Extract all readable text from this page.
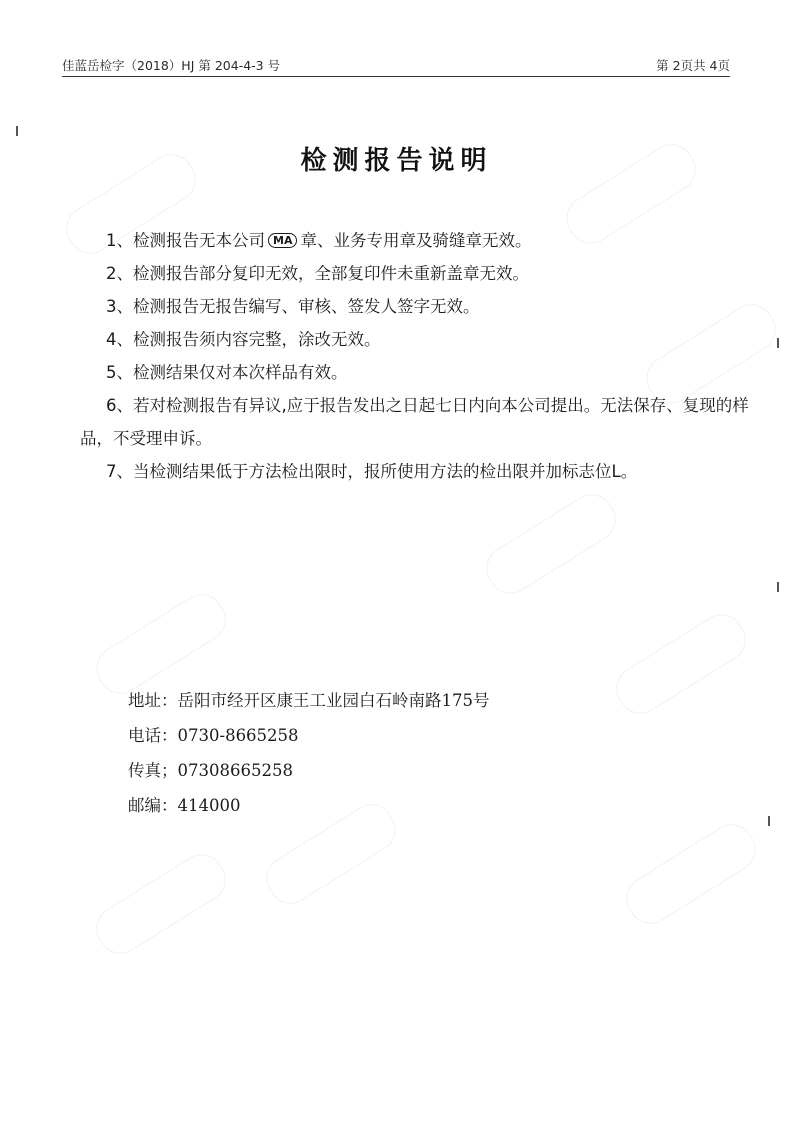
佳蓝岳检字（2018）HJ 第 204-4-3 号	第 2页共 4页
检测报告说明
1、检测报告无本公司 MA 章、业务专用章及骑缝章无效。
2、检测报告部分复印无效，全部复印件未重新盖章无效。
3、检测报告无报告编写、审核、签发人签字无效。
4、检测报告须内容完整，涂改无效。
5、检测结果仅对本次样品有效。
6、若对检测报告有异议,应于报告发出之日起七日内向本公司提出。无法保存、复现的样品，不受理申诉。
7、当检测结果低于方法检出限时，报所使用方法的检出限并加标志位L。
地址：岳阳市经开区康王工业园白石岭南路175号
电话：0730-8665258
传真；07308665258
邮编：414000
